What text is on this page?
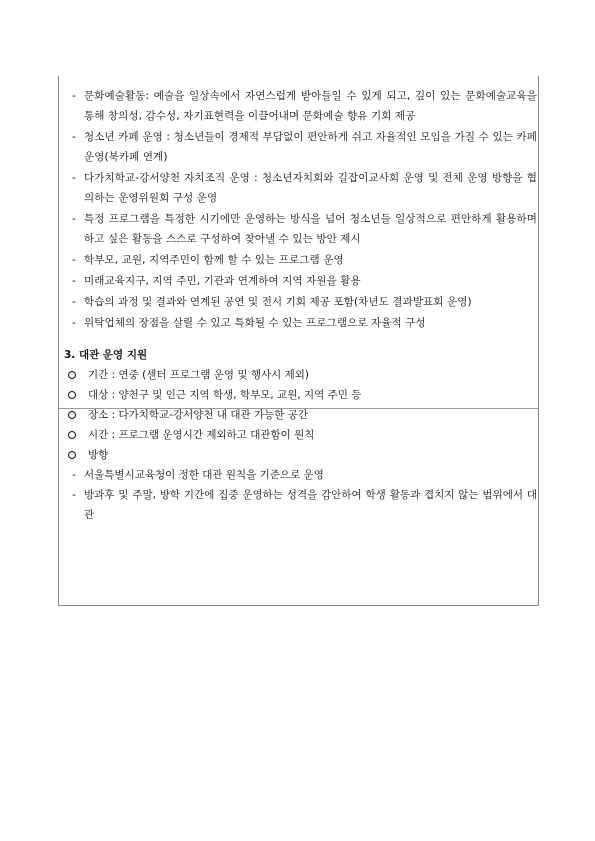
- 문화예술활동: 예술을 일상속에서 자연스럽게 받아들일 수 있게 되고, 깊이 있는 문화예술교육을 통해 창의성, 감수성, 자기표현력을 이끌어내며 문화예술 향유 기회 제공
- 청소년 카페 운영 : 청소년들이 경제적 부담없이 편안하게 쉬고 자율적인 모임을 가질 수 있는 카페 운영(북카페 연계)
- 다가치학교-강서양천 자치조직 운영 : 청소년자치회와 길잡이교사회 운영 및 전체 운영 방향을 협의하는 운영위원회 구성 운영
- 특정 프로그램을 특정한 시기에만 운영하는 방식을 넘어 청소년들 일상적으로 편안하게 활용하며 하고 싶은 활동을 스스로 구성하여 찾아낼 수 있는 방안 제시
- 학부모, 교원, 지역주민이 함께 할 수 있는 프로그램 운영
- 미래교육지구, 지역 주민, 기관과 연계하여 지역 자원을 활용
- 학습의 과정 및 결과와 연계된 공연 및 전시 기회 제공 포함(차년도 결과발표회 운영)
- 위탁업체의 장점을 살릴 수 있고 특화될 수 있는 프로그램으로 자율적 구성
3. 대관 운영 지원
기간 : 연중 (센터 프로그램 운영 및 행사시 제외)
대상 : 양천구 및 인근 지역 학생, 학부모, 교원, 지역 주민 등
장소 : 다가치학교-강서양천 내 대관 가능한 공간
시간 : 프로그램 운영시간 제외하고 대관함이 원칙
방향
- 서울특별시교육청이 정한 대관 원칙을 기준으로 운영
- 방과후 및 주말, 방학 기간에 집중 운영하는 성격을 감안하여 학생 활동과 겹치지 않는 범위에서 대관
